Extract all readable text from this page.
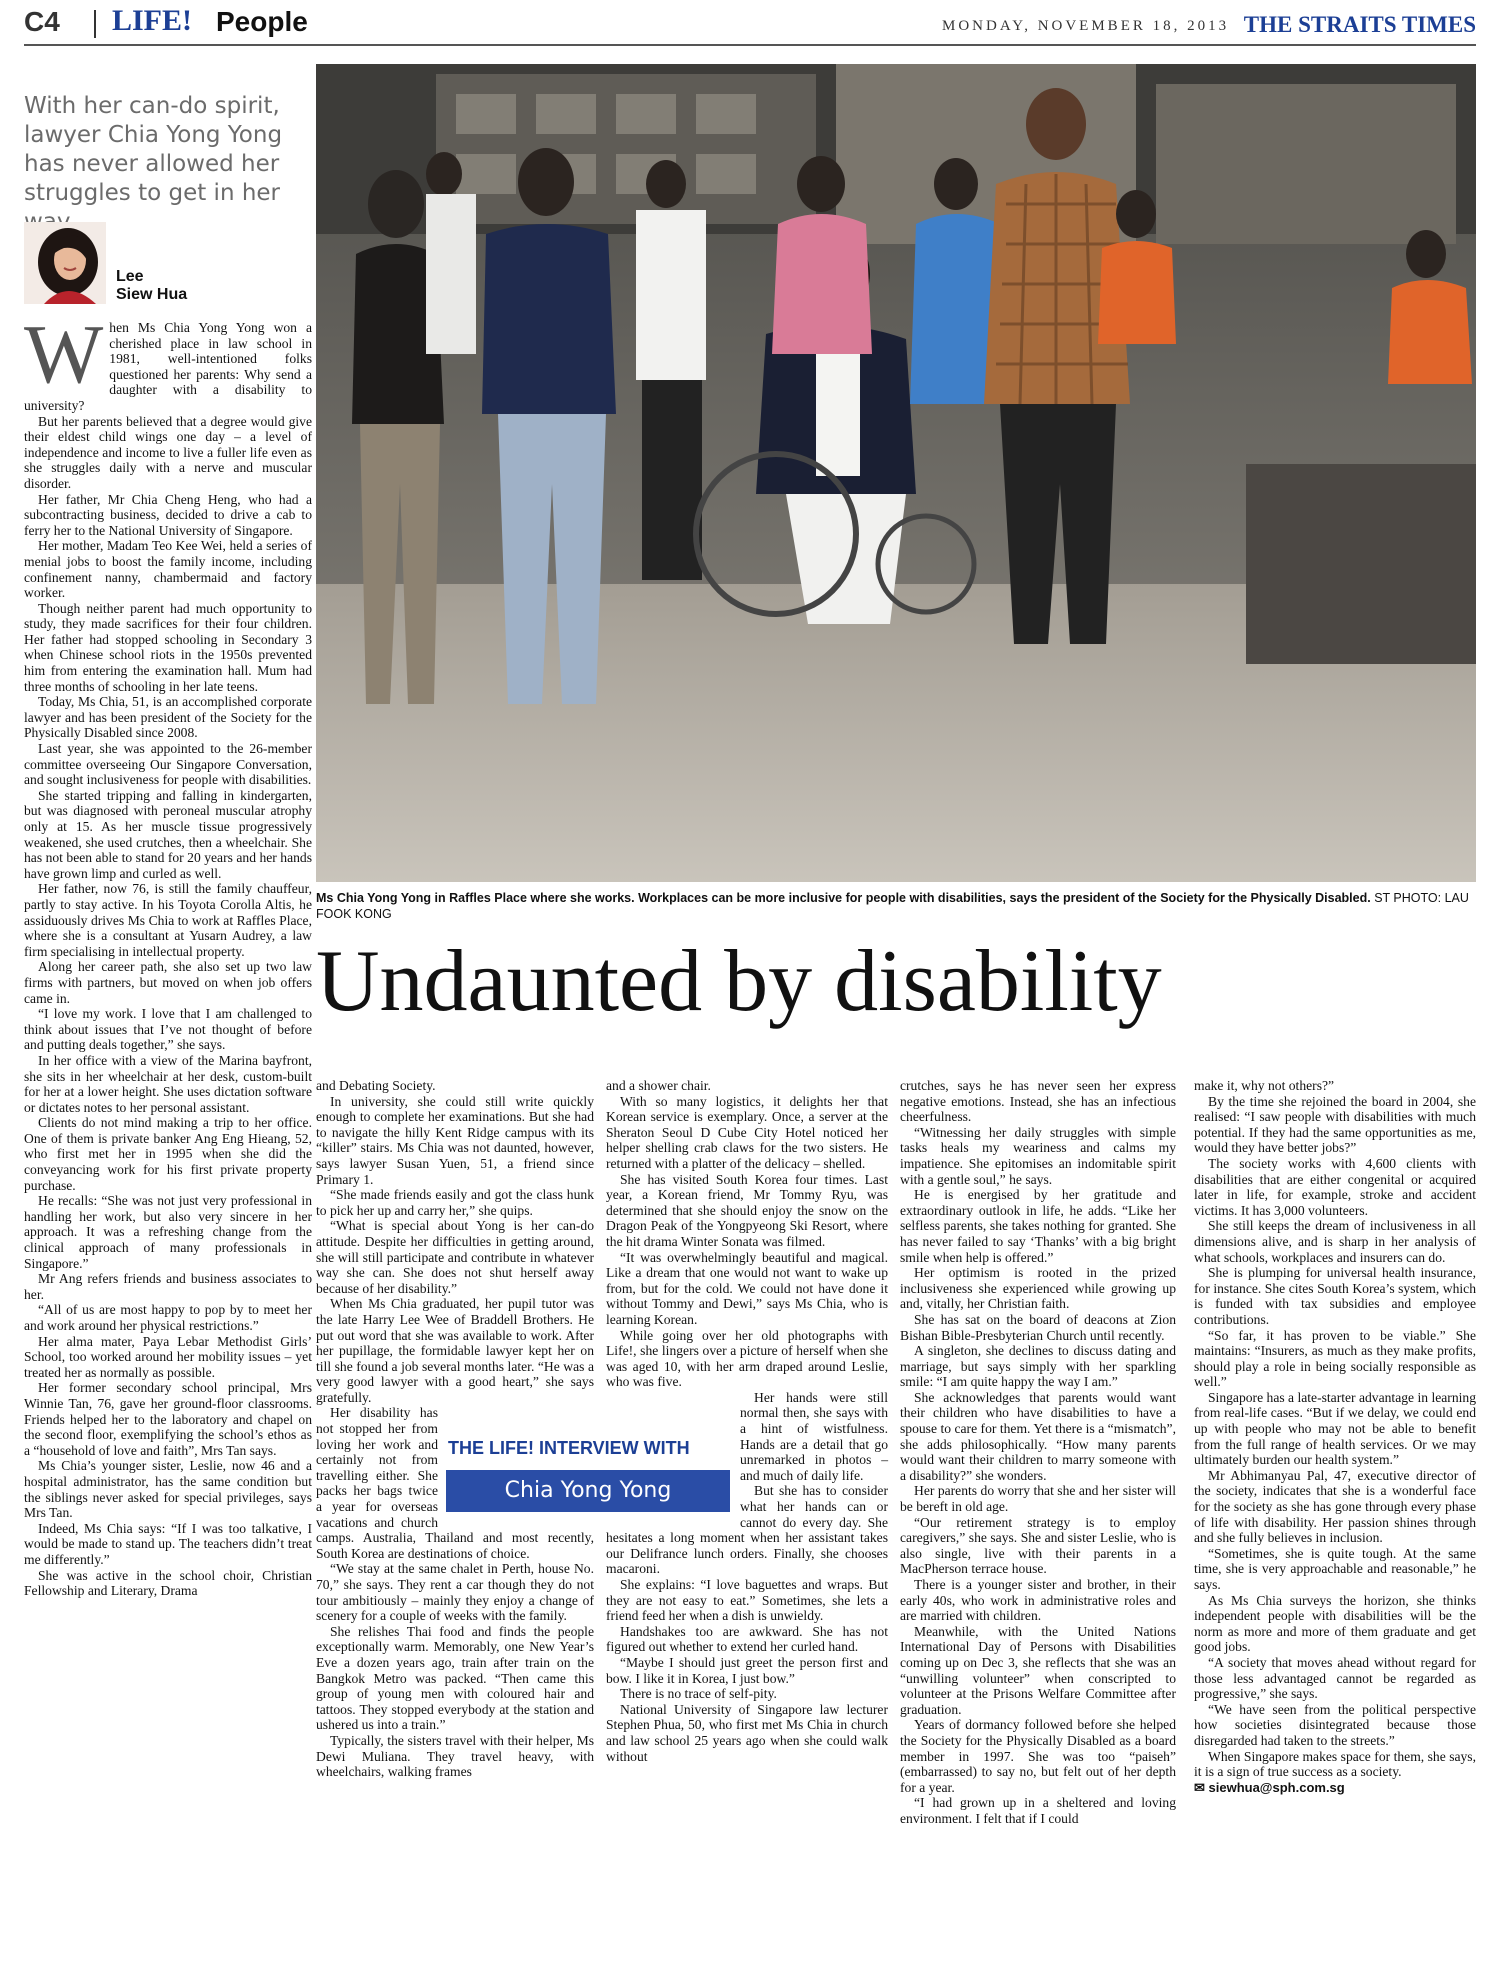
C4 LIFE! People	MONDAY, NOVEMBER 18, 2013 THE STRAITS TIMES
With her can-do spirit, lawyer Chia Yong Yong has never allowed her struggles to get in her
Lee
Siew Hua
Ms Chia Yong Yong in Raffles Place where she works. Workplaces can be more inclusive for people with disabilities, says the president of the Society for the Physically Disabled. ST PHOTO: LAU FOOK KONG
Undaunted by disability
W hen Ms Chia Yong Yong won a cherished place in law school in 1981, well-intentioned folks questioned her parents: Why send a daughter with a disability to university?

But her parents believed that a degree would give their eldest child wings one day – a level of independence and income to live a fuller life even as she struggles daily with a nerve and muscular disorder.

Her father, Mr Chia Cheng Heng, who had a subcontracting business, decided to drive a cab to ferry her to the National University of Singapore.

Her mother, Madam Teo Kee Wei, held a series of menial jobs to boost the family income, including confinement nanny, chambermaid and factory worker.

Though neither parent had much opportunity to study, they made sacrifices for their four children. Her father had stopped schooling in Secondary 3 when Chinese school riots in the 1950s prevented him from entering the examination hall. Mum had three months of schooling in her late teens.

Today, Ms Chia, 51, is an accomplished corporate lawyer and has been president of the Society for the Physically Disabled since 2008.

Last year, she was appointed to the 26-member committee overseeing Our Singapore Conversation, and sought inclusiveness for people with disabilities.

She started tripping and falling in kindergarten, but was diagnosed with peroneal muscular atrophy only at 15. As her muscle tissue progressively weakened, she used crutches, then a wheelchair. She has not been able to stand for 20 years and her hands have grown limp and curled as well.

Her father, now 76, is still the family chauffeur, partly to stay active. In his Toyota Corolla Altis, he assiduously drives Ms Chia to work at Raffles Place, where she is a consultant at Yusarn Audrey, a law firm specialising in intellectual property.

Along her career path, she also set up two law firms with partners, but moved on when job offers came in.

“I love my work. I love that I am challenged to think about issues that I’ve not thought of before and putting deals together,” she says.

In her office with a view of the Marina bayfront, she sits in her wheelchair at her desk, custom-built for her at a lower height. She uses dictation software or dictates notes to her personal assistant.

Clients do not mind making a trip to her office. One of them is private banker Ang Eng Hieang, 52, who first met her in 1995 when she did the conveyancing work for his first private property purchase.

He recalls: “She was not just very professional in handling her work, but also very sincere in her approach. It was a refreshing change from the clinical approach of many professionals in Singapore.”

Mr Ang refers friends and business associates to her.

“All of us are most happy to pop by to meet her and work around her physical restrictions.”

Her alma mater, Paya Lebar Methodist Girls’ School, too worked around her mobility issues – yet treated her as normally as possible.

Her former secondary school principal, Mrs Winnie Tan, 76, gave her ground-floor classrooms. Friends helped her to the laboratory and chapel on the second floor, exemplifying the school’s ethos as a “household of love and faith”, Mrs Tan says.

Ms Chia’s younger sister, Leslie, now 46 and a hospital administrator, has the same condition but the siblings never asked for special privileges, says Mrs Tan.

Indeed, Ms Chia says: “If I was too talkative, I would be made to stand up. The teachers didn’t treat me differently.”

She was active in the school choir, Christian Fellowship and Literary, Drama

and Debating Society.

In university, she could still write quickly enough to complete her examinations. But she had to navigate the hilly Kent Ridge campus with its “killer” stairs. Ms Chia was not daunted, however, says lawyer Susan Yuen, 51, a friend since Primary 1.

“She made friends easily and got the class hunk to pick her up and carry her,” she quips.

“What is special about Yong is her can-do attitude. Despite her difficulties in getting around, she will still participate and contribute in whatever way she can. She does not shut herself away because of her disability.”

When Ms Chia graduated, her pupil tutor was the late Harry Lee Wee of Braddell Brothers. He put out word that she was available to work. After her pupillage, the formidable lawyer kept her on till she found a job several months later. “He was a very good lawyer with a good heart,” she says gratefully.

Her disability has not stopped her from loving her work and certainly not from travelling either. She packs her bags twice a year for overseas vacations and church camps. Australia, Thailand and most recently, South Korea are destinations of choice.

“We stay at the same chalet in Perth, house No. 70,” she says. They rent a car though they do not tour ambitiously – mainly they enjoy a change of scenery for a couple of weeks with the family.

She relishes Thai food and finds the people exceptionally warm. Memorably, one New Year’s Eve a dozen years ago, train after train on the Bangkok Metro was packed. “Then came this group of young men with coloured hair and tattoos. They stopped everybody at the station and ushered us into a train.”

Typically, the sisters travel with their helper, Ms Dewi Muliana. They travel heavy, with wheelchairs, walking frames

and a shower chair.

With so many logistics, it delights her that Korean service is exemplary. Once, a server at the Sheraton Seoul D Cube City Hotel noticed her helper shelling crab claws for the two sisters. He returned with a platter of the delicacy – shelled.

She has visited South Korea four times. Last year, a Korean friend, Mr Tommy Ryu, was determined that she should enjoy the snow on the Dragon Peak of the Yongpyeong Ski Resort, where the hit drama Winter Sonata was filmed.

“It was overwhelmingly beautiful and magical. Like a dream that one would not want to wake up from, but for the cold. We could not have done it without Tommy and Dewi,” says Ms Chia, who is learning Korean.

While going over her old photographs with Life!, she lingers over a picture of herself when she was aged 10, with her arm draped around Leslie, who was five.

Her hands were still normal then, she says with a hint of wistfulness. Hands are a detail that go unremarked in photos – and much of daily life.

But she has to consider what her hands can or cannot do every day. She hesitates a long moment when her assistant takes our Delifrance lunch orders. Finally, she chooses macaroni.

She explains: “I love baguettes and wraps. But they are not easy to eat.” Sometimes, she lets a friend feed her when a dish is unwieldy.

Handshakes too are awkward. She has not figured out whether to extend her curled hand.

“Maybe I should just greet the person first and bow. I like it in Korea, I just bow.”

There is no trace of self-pity.

National University of Singapore law lecturer Stephen Phua, 50, who first met Ms Chia in church and law school 25 years ago when she could walk without

THE LIFE! INTERVIEW WITH
Chia Yong Yong

crutches, says he has never seen her express negative emotions. Instead, she has an infectious cheerfulness.

“Witnessing her daily struggles with simple tasks heals my weariness and calms my impatience. She epitomises an indomitable spirit with a gentle soul,” he says.

He is energised by her gratitude and extraordinary outlook in life, he adds. “Like her selfless parents, she takes nothing for granted. She has never failed to say ‘Thanks’ with a big bright smile when help is offered.”

Her optimism is rooted in the prized inclusiveness she experienced while growing up and, vitally, her Christian faith.

She has sat on the board of deacons at Zion Bishan Bible-Presbyterian Church until recently.

A singleton, she declines to discuss dating and marriage, but says simply with her sparkling smile: “I am quite happy the way I am.”

She acknowledges that parents would want their children who have disabilities to have a spouse to care for them. Yet there is a “mismatch”, she adds philosophically. “How many parents would want their children to marry someone with a disability?” she wonders.

Her parents do worry that she and her sister will be bereft in old age.

“Our retirement strategy is to employ caregivers,” she says. She and sister Leslie, who is also single, live with their parents in a MacPherson terrace house.

There is a younger sister and brother, in their early 40s, who work in administrative roles and are married with children.

Meanwhile, with the United Nations International Day of Persons with Disabilities coming up on Dec 3, she reflects that she was an “unwilling volunteer” when conscripted to volunteer at the Prisons Welfare Committee after graduation.

Years of dormancy followed before she helped the Society for the Physically Disabled as a board member in 1997. She was too “paiseh” (embarrassed) to say no, but felt out of her depth for a year.

“I had grown up in a sheltered and loving environment. I felt that if I could

make it, why not others?”

By the time she rejoined the board in 2004, she realised: “I saw people with disabilities with much potential. If they had the same opportunities as me, would they have better jobs?”

The society works with 4,600 clients with disabilities that are either congenital or acquired later in life, for example, stroke and accident victims. It has 3,000 volunteers.

She still keeps the dream of inclusiveness in all dimensions alive, and is sharp in her analysis of what schools, workplaces and insurers can do.

She is plumping for universal health insurance, for instance. She cites South Korea’s system, which is funded with tax subsidies and employee contributions.

“So far, it has proven to be viable.” She maintains: “Insurers, as much as they make profits, should play a role in being socially responsible as well.”

Singapore has a late-starter advantage in learning from real-life cases. “But if we delay, we could end up with people who may not be able to benefit from the full range of health services. Or we may ultimately burden our health system.”

Mr Abhimanyau Pal, 47, executive director of the society, indicates that she is a wonderful face for the society as she has gone through every phase of life with disability. Her passion shines through and she fully believes in inclusion.

“Sometimes, she is quite tough. At the same time, she is very approachable and reasonable,” he says.

As Ms Chia surveys the horizon, she thinks independent people with disabilities will be the norm as more and more of them graduate and get good jobs.

“A society that moves ahead without regard for those less advantaged cannot be regarded as progressive,” she says.

“We have seen from the political perspective how societies disintegrated because those disregarded had taken to the streets.”

When Singapore makes space for them, she says, it is a sign of true success as a society.

✉ siewhua@sph.com.sg
